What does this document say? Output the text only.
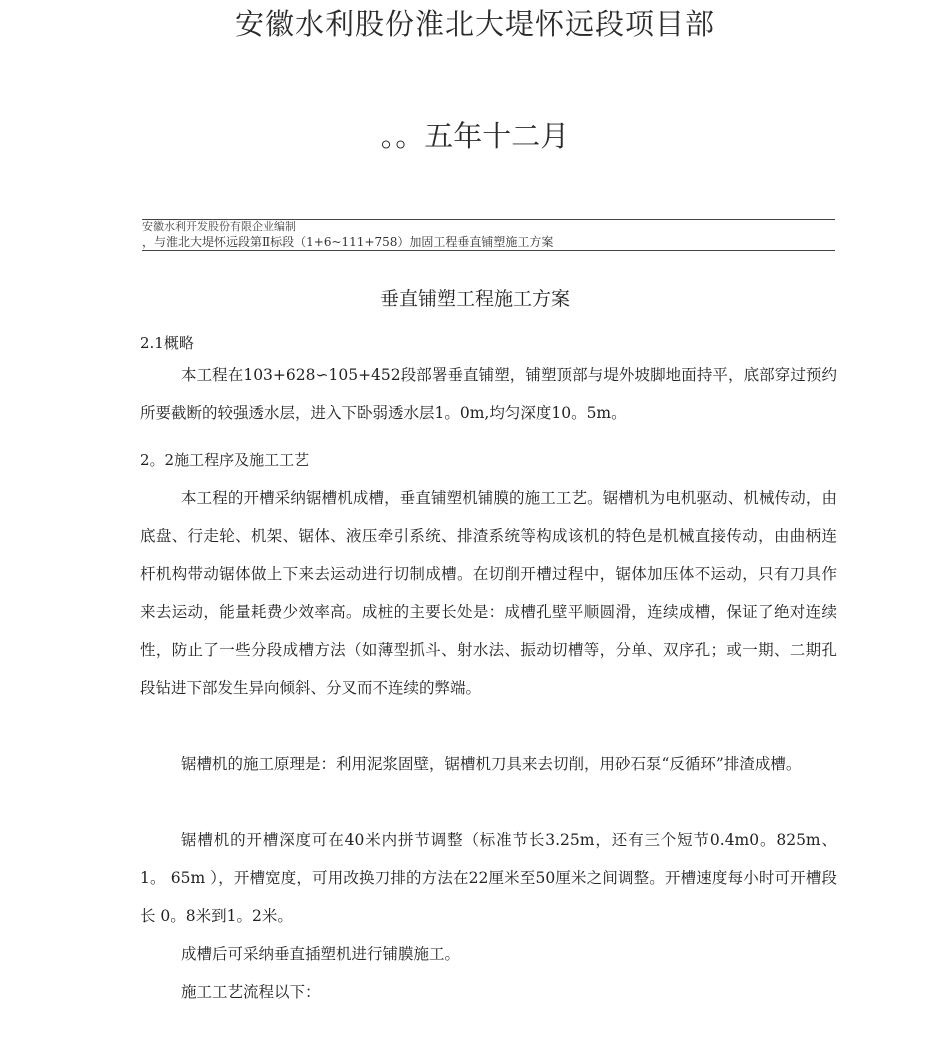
安徽水利股份淮北大堤怀远段项目部
。。五年十二月
安徽水利开发股份有限企业编制
，与淮北大堤怀远段第Ⅱ标段（1+6~111+758）加固工程垂直铺塑施工方案
垂直铺塑工程施工方案
2.1概略

本工程在103+628∽105+452段部署垂直铺塑，铺塑顶部与堤外坡脚地面持平，底部穿过预约所要截断的较强透水层，进入下卧弱透水层1。0m,均匀深度10。5m。

2。2施工程序及施工工艺

本工程的开槽采纳锯槽机成槽，垂直铺塑机铺膜的施工工艺。锯槽机为电机驱动、机械传动，由底盘、行走轮、机架、锯体、液压牵引系统、排渣系统等构成该机的特色是机械直接传动，由曲柄连杆机构带动锯体做上下来去运动进行切制成槽。在切削开槽过程中，锯体加压体不运动，只有刀具作来去运动，能量耗费少效率高。成桩的主要长处是：成槽孔壁平顺圆滑，连续成槽，保证了绝对连续性，防止了一些分段成槽方法（如薄型抓斗、射水法、振动切槽等，分单、双序孔；或一期、二期孔段钻进下部发生异向倾斜、分叉而不连续的弊端。

锯槽机的施工原理是：利用泥浆固壁，锯槽机刀具来去切削，用砂石泵“反循环”排渣成槽。

锯槽机的开槽深度可在40米内拼节调整（标准节长3.25m，还有三个短节0.4m0。825m、 1。 65m ），开槽宽度，可用改换刀排的方法在22厘米至50厘米之间调整。开槽速度每小时可开槽段长 0。8米到1。2米。

成槽后可采纳垂直插塑机进行铺膜施工。

施工工艺流程以下：
